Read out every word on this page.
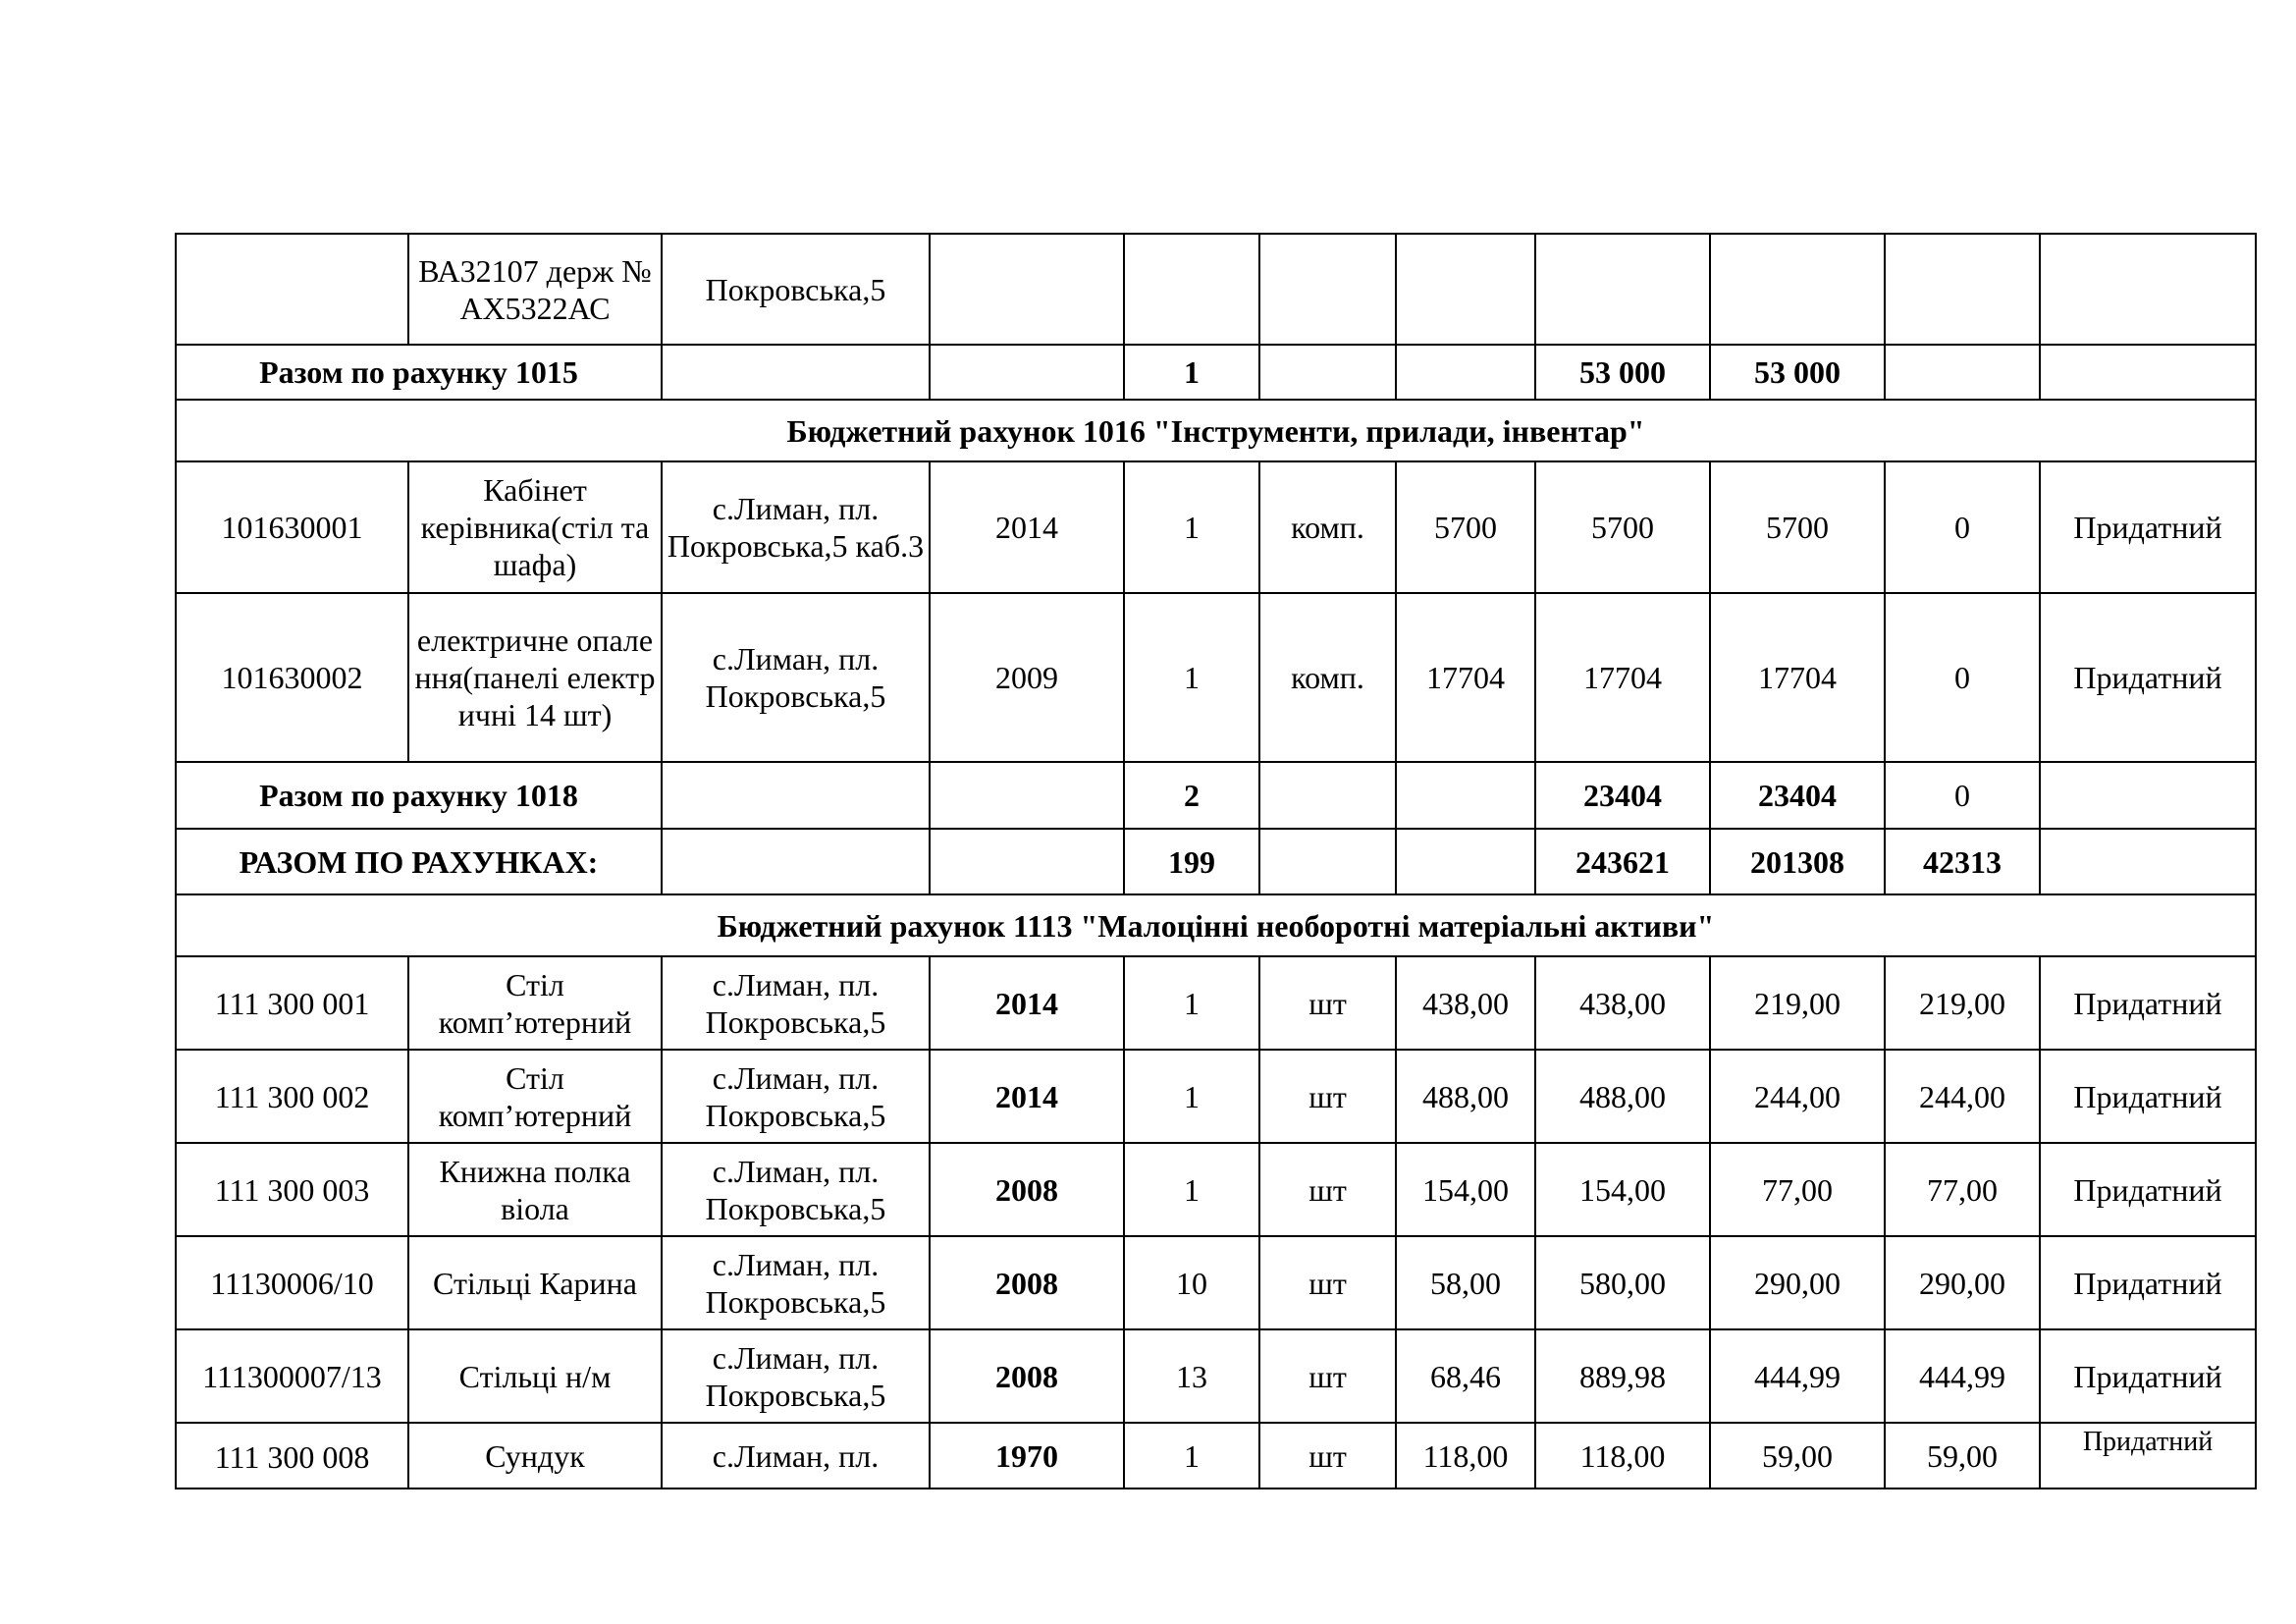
	ВА32107 держ № АХ5322АС	Покровська,5								
Разом по рахунку 1015				1			53 000	53 000		
Бюджетний рахунок 1016 "Інструменти, прилади, інвентар"										
101630001	Кабінет керівника(стіл та шафа)	с.Лиман, пл. Покровська,5 каб.3	2014	1	комп.	5700	5700	5700	0	Придатний
101630002	електричне опалення(панелі електричні 14 шт)	с.Лиман, пл. Покровська,5	2009	1	комп.	17704	17704	17704	0	Придатний
Разом по рахунку 1018				2			23404	23404	0	
РАЗОМ ПО РАХУНКАХ:				199			243621	201308	42313	
Бюджетний рахунок 1113 "Малоцінні необоротні матеріальні активи"										
111 300 001	Стіл комп’ютерний	с.Лиман, пл. Покровська,5	2014	1	шт	438,00	438,00	219,00	219,00	Придатний
111 300 002	Стіл комп’ютерний	с.Лиман, пл. Покровська,5	2014	1	шт	488,00	488,00	244,00	244,00	Придатний
111 300 003	Книжна полка віола	с.Лиман, пл. Покровська,5	2008	1	шт	154,00	154,00	77,00	77,00	Придатний
11130006/10	Стільці Карина	с.Лиман, пл. Покровська,5	2008	10	шт	58,00	580,00	290,00	290,00	Придатний
111300007/13	Стільці н/м	с.Лиман, пл. Покровська,5	2008	13	шт	68,46	889,98	444,99	444,99	Придатний
111 300 008	Сундук	с.Лиман, пл.	1970	1	шт	118,00	118,00	59,00	59,00	Придатний
